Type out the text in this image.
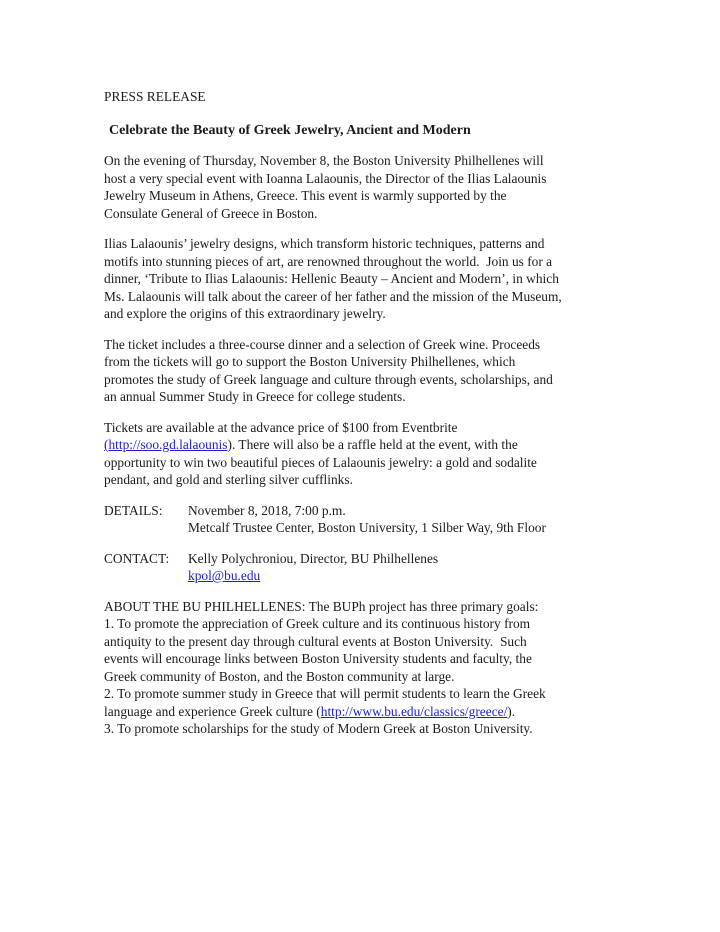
PRESS RELEASE
Celebrate the Beauty of Greek Jewelry, Ancient and Modern
On the evening of Thursday, November 8, the Boston University Philhellenes will
host a very special event with Ioanna Lalaounis, the Director of the Ilias Lalaounis
Jewelry Museum in Athens, Greece. This event is warmly supported by the
Consulate General of Greece in Boston.
Ilias Lalaounis’ jewelry designs, which transform historic techniques, patterns and
motifs into stunning pieces of art, are renowned throughout the world.  Join us for a
dinner, ‘Tribute to Ilias Lalaounis: Hellenic Beauty – Ancient and Modern’, in which
Ms. Lalaounis will talk about the career of her father and the mission of the Museum,
and explore the origins of this extraordinary jewelry.
The ticket includes a three-course dinner and a selection of Greek wine. Proceeds
from the tickets will go to support the Boston University Philhellenes, which
promotes the study of Greek language and culture through events, scholarships, and
an annual Summer Study in Greece for college students.
Tickets are available at the advance price of $100 from Eventbrite
(http://soo.gd.lalaounis). There will also be a raffle held at the event, with the
opportunity to win two beautiful pieces of Lalaounis jewelry: a gold and sodalite
pendant, and gold and sterling silver cufflinks.
DETAILS:	November 8, 2018, 7:00 p.m.
Metcalf Trustee Center, Boston University, 1 Silber Way, 9th Floor
CONTACT:	Kelly Polychroniou, Director, BU Philhellenes
kpol@bu.edu
ABOUT THE BU PHILHELLENES: The BUPh project has three primary goals:
1. To promote the appreciation of Greek culture and its continuous history from
antiquity to the present day through cultural events at Boston University.  Such
events will encourage links between Boston University students and faculty, the
Greek community of Boston, and the Boston community at large.
2. To promote summer study in Greece that will permit students to learn the Greek
language and experience Greek culture (http://www.bu.edu/classics/greece/).
3. To promote scholarships for the study of Modern Greek at Boston University.
